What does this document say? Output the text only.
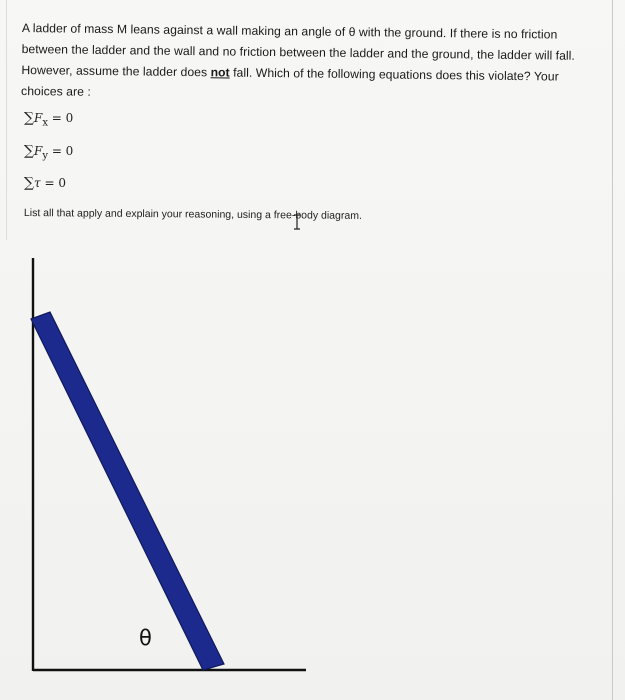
A ladder of mass M leans against a wall making an angle of θ with the ground. If there is no friction

between the ladder and the wall and no friction between the ladder and the ground, the ladder will fall.

However, assume the ladder does not fall. Which of the following equations does this violate? Your

choices are :

$\sum F_x = 0$
$\sum F_y = 0$
∑τ = 0
List all that apply and explain your reasoning, using a free-body diagram.
θ
